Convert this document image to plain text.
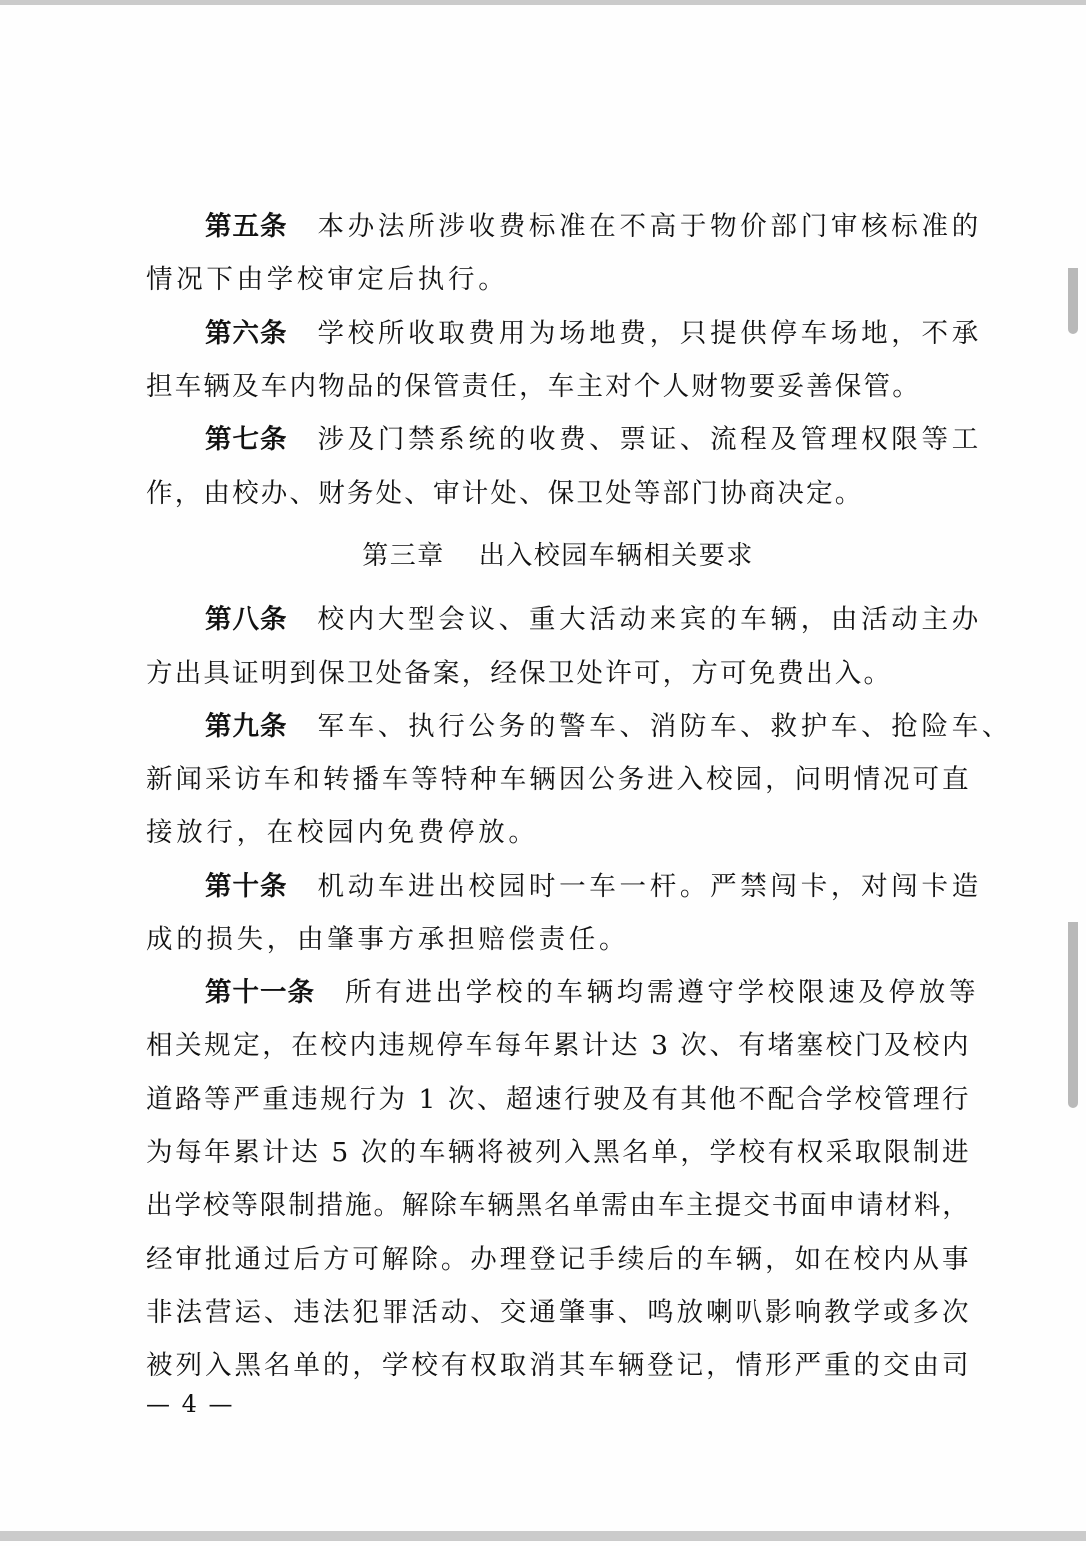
第五条 本办法所涉收费标准在不高于物价部门审核标准的
情况下由学校审定后执行。
第六条 学校所收取费用为场地费，只提供停车场地，不承
担车辆及车内物品的保管责任，车主对个人财物要妥善保管。
第七条 涉及门禁系统的收费、票证、流程及管理权限等工
作，由校办、财务处、审计处、保卫处等部门协商决定。
第三章 出入校园车辆相关要求
第八条 校内大型会议、重大活动来宾的车辆，由活动主办
方出具证明到保卫处备案，经保卫处许可，方可免费出入。
第九条 军车、执行公务的警车、消防车、救护车、抢险车、
新闻采访车和转播车等特种车辆因公务进入校园，问明情况可直
接放行，在校园内免费停放。
第十条 机动车进出校园时一车一杆。严禁闯卡，对闯卡造
成的损失，由肇事方承担赔偿责任。
第十一条 所有进出学校的车辆均需遵守学校限速及停放等
相关规定，在校内违规停车每年累计达 3 次、有堵塞校门及校内
道路等严重违规行为 1 次、超速行驶及有其他不配合学校管理行
为每年累计达 5 次的车辆将被列入黑名单，学校有权采取限制进
出学校等限制措施。解除车辆黑名单需由车主提交书面申请材料，
经审批通过后方可解除。办理登记手续后的车辆，如在校内从事
非法营运、违法犯罪活动、交通肇事、鸣放喇叭影响教学或多次
被列入黑名单的，学校有权取消其车辆登记，情形严重的交由司
— 4 —
